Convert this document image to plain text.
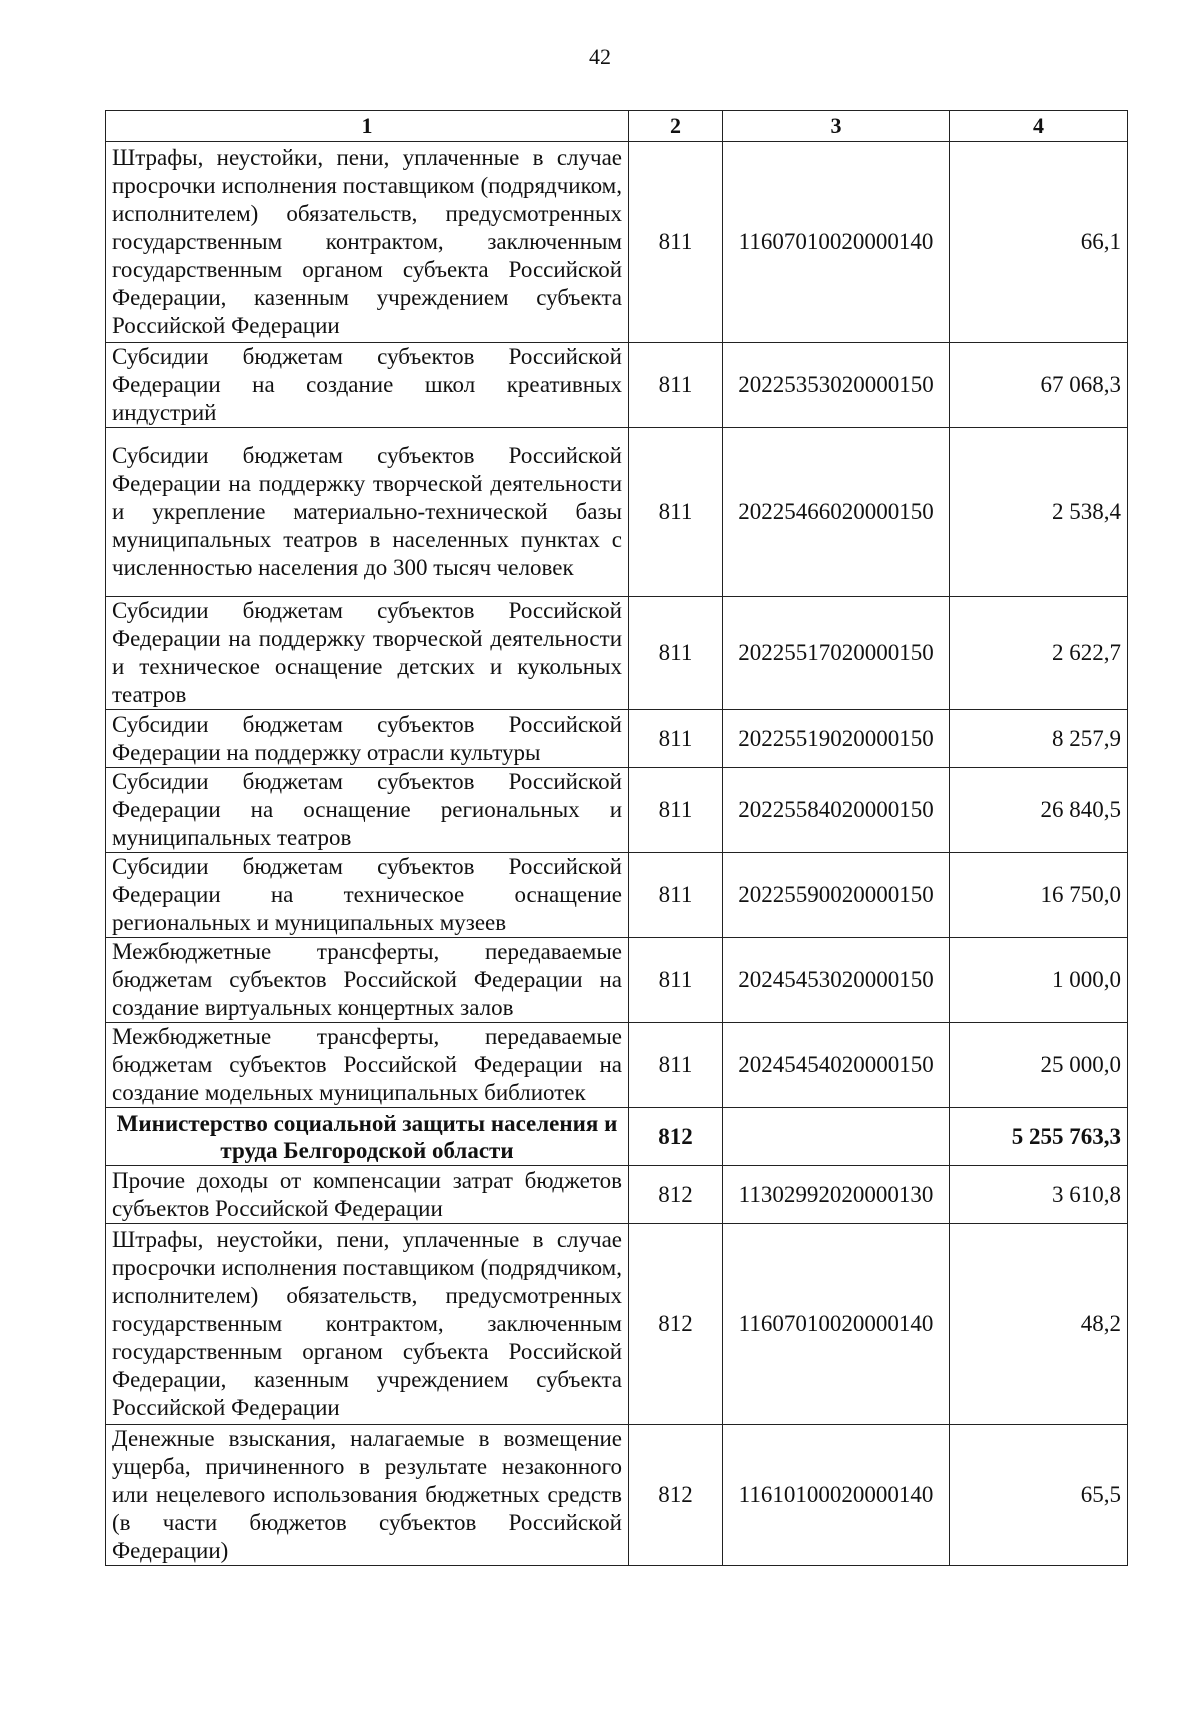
42
1	2	3	4
Штрафы, неустойки, пени, уплаченные в случае просрочки исполнения поставщиком (подрядчиком, исполнителем) обязательств, предусмотренных государственным контрактом, заключенным государственным органом субъекта Российской Федерации, казенным учреждением субъекта Российской Федерации	811	11607010020000140	66,1
Субсидии бюджетам субъектов Российской Федерации на создание школ креативных индустрий	811	20225353020000150	67 068,3
Субсидии бюджетам субъектов Российской Федерации на поддержку творческой деятельности и укрепление материально-технической базы муниципальных театров в населенных пунктах с численностью населения до 300 тысяч человек	811	20225466020000150	2 538,4
Субсидии бюджетам субъектов Российской Федерации на поддержку творческой деятельности и техническое оснащение детских и кукольных театров	811	20225517020000150	2 622,7
Субсидии бюджетам субъектов Российской Федерации на поддержку отрасли культуры	811	20225519020000150	8 257,9
Субсидии бюджетам субъектов Российской Федерации на оснащение региональных и муниципальных театров	811	20225584020000150	26 840,5
Субсидии бюджетам субъектов Российской Федерации на техническое оснащение региональных и муниципальных музеев	811	20225590020000150	16 750,0
Межбюджетные трансферты, передаваемые бюджетам субъектов Российской Федерации на создание виртуальных концертных залов	811	20245453020000150	1 000,0
Межбюджетные трансферты, передаваемые бюджетам субъектов Российской Федерации на создание модельных муниципальных библиотек	811	20245454020000150	25 000,0
Министерство социальной защиты населения и труда Белгородской области	812		5 255 763,3
Прочие доходы от компенсации затрат бюджетов субъектов Российской Федерации	812	11302992020000130	3 610,8
Штрафы, неустойки, пени, уплаченные в случае просрочки исполнения поставщиком (подрядчиком, исполнителем) обязательств, предусмотренных государственным контрактом, заключенным государственным органом субъекта Российской Федерации, казенным учреждением субъекта Российской Федерации	812	11607010020000140	48,2
Денежные взыскания, налагаемые в возмещение ущерба, причиненного в результате незаконного или нецелевого использования бюджетных средств (в части бюджетов субъектов Российской Федерации)	812	11610100020000140	65,5
